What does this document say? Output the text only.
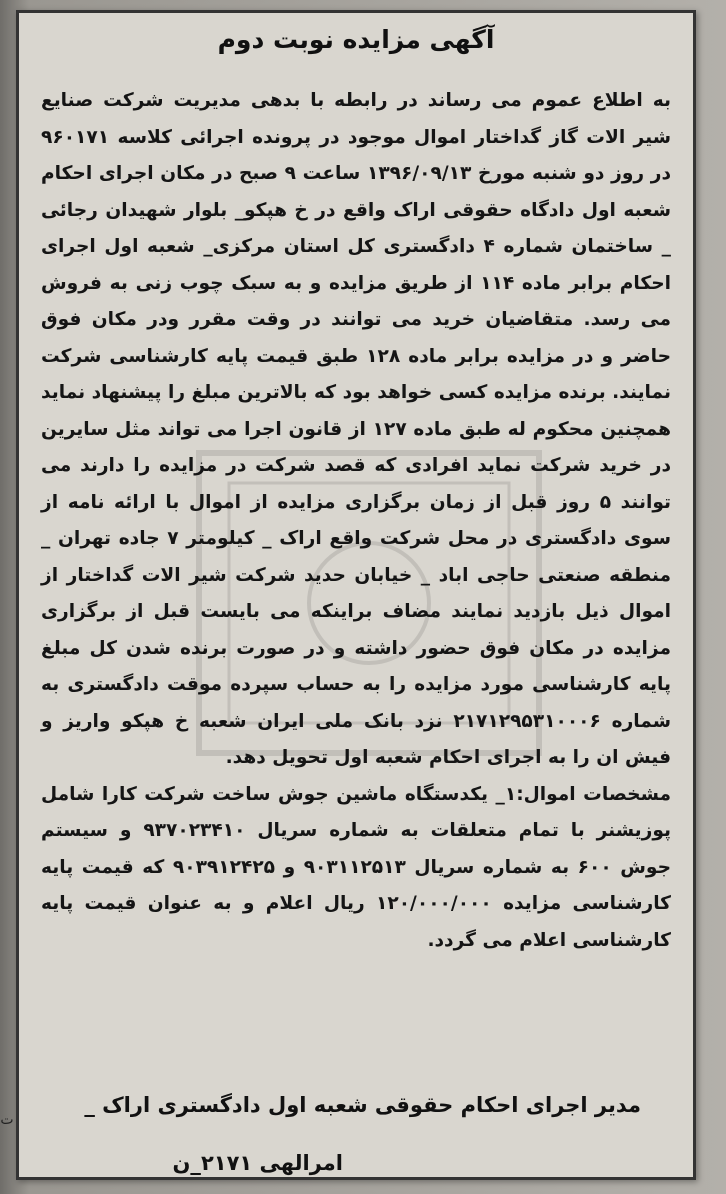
آگهی مزایده نوبت دوم

به اطلاع عموم می رساند در رابطه با بدهی مدیریت شرکت صنایع شیر الات گاز گداختار اموال موجود در پرونده اجرائی کلاسه ۹۶۰۱۷۱ در روز دو شنبه مورخ ۱۳۹۶/۰۹/۱۳ ساعت ۹ صبح در مکان اجرای احکام شعبه اول دادگاه حقوقی اراک واقع در خ هپکو_ بلوار شهیدان رجائی _ ساختمان شماره ۴ دادگستری کل استان مرکزی_ شعبه اول اجرای احکام برابر ماده ۱۱۴ از طریق مزایده و به سبک چوب زنی به فروش می رسد. متقاضیان خرید می توانند در وقت مقرر ودر مکان فوق حاضر و در مزایده برابر ماده ۱۲۸ طبق قیمت پایه کارشناسی شرکت نمایند. برنده مزایده کسی خواهد بود که بالاترین مبلغ را پیشنهاد نماید همچنین محکوم له طبق ماده ۱۲۷ از قانون اجرا می تواند مثل سایرین در خرید شرکت نماید افرادی که قصد شرکت در مزایده را دارند می توانند ۵ روز قبل از زمان برگزاری مزایده از اموال با ارائه نامه از سوی دادگستری در محل شرکت واقع اراک _ کیلومتر ۷ جاده تهران _ منطقه صنعتی حاجی اباد _ خیابان حدید شرکت شیر الات گداختار از اموال ذیل بازدید نمایند مضاف براینکه می بایست قبل از برگزاری مزایده در مکان فوق حضور داشته و در صورت برنده شدن کل مبلغ پایه کارشناسی مورد مزایده را به حساب سپرده موقت دادگستری به شماره ۲۱۷۱۲۹۵۳۱۰۰۰۶ نزد بانک ملی ایران شعبه خ هپکو واریز و فیش ان را به اجرای احکام شعبه اول تحویل دهد.

مشخصات اموال:۱_ یکدستگاه ماشین جوش ساخت شرکت کارا شامل پوزیشنر با تمام متعلقات به شماره سریال ۹۳۷۰۲۳۴۱۰ و سیستم جوش ۶۰۰ به شماره سریال ۹۰۳۱۱۲۵۱۳ و ۹۰۳۹۱۲۴۲۵ که قیمت پایه کارشناسی مزایده ۱۲۰/۰۰۰/۰۰۰ ریال اعلام و به عنوان قیمت پایه کارشناسی اعلام می گردد.

مدیر اجرای احکام حقوقی شعبه اول دادگستری اراک _
امرالهی ۲۱۷۱_ن
ت
